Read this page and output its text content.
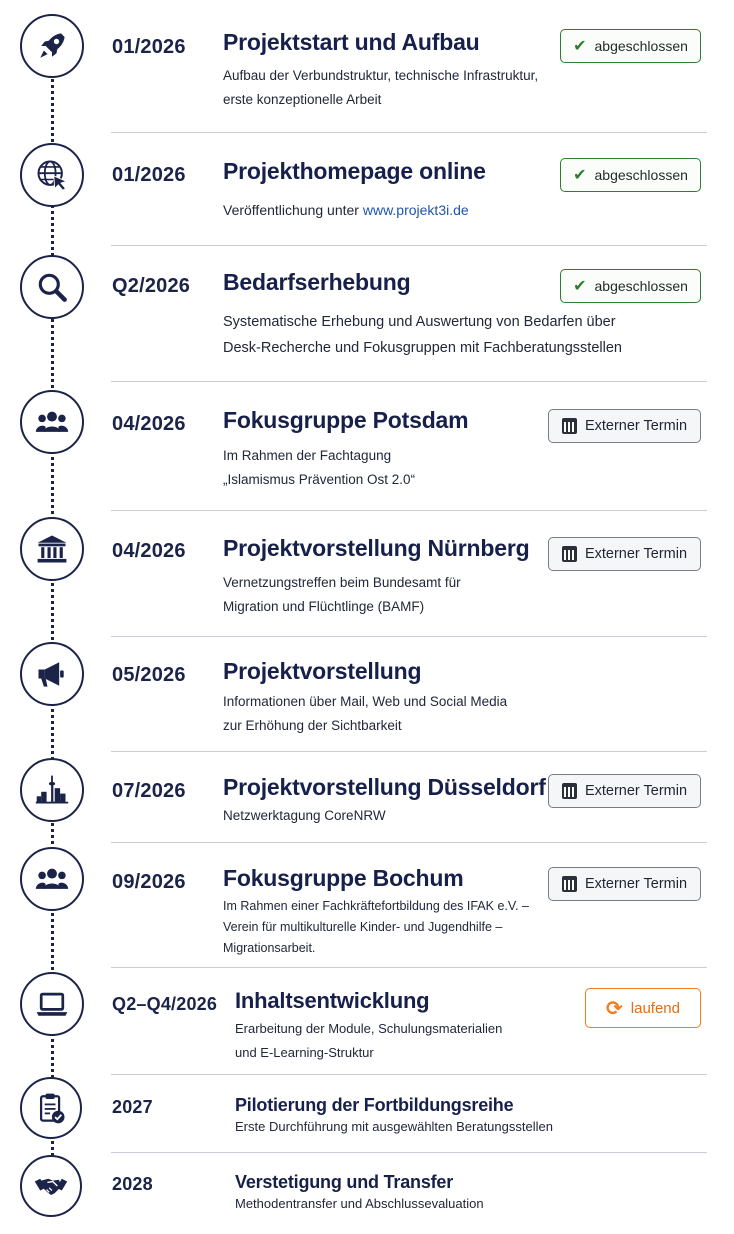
01/2026 Projektstart und Aufbau
Aufbau der Verbundstruktur, technische Infrastruktur,
erste konzeptionelle Arbeit
✔ abgeschlossen
01/2026 Projekthomepage online
Veröffentlichung unter www.projekt3i.de
✔ abgeschlossen
Q2/2026 Bedarfserhebung
Systematische Erhebung und Auswertung von Bedarfen über
Desk-Recherche und Fokusgruppen mit Fachberatungsstellen
✔ abgeschlossen
04/2026 Fokusgruppe Potsdam
Im Rahmen der Fachtagung
„Islamismus Prävention Ost 2.0“
Externer Termin
04/2026 Projektvorstellung Nürnberg
Vernetzungstreffen beim Bundesamt für
Migration und Flüchtlinge (BAMF)
Externer Termin
05/2026 Projektvorstellung
Informationen über Mail, Web und Social Media
zur Erhöhung der Sichtbarkeit
07/2026 Projektvorstellung Düsseldorf
Netzwerktagung CoreNRW
Externer Termin
09/2026 Fokusgruppe Bochum
Im Rahmen einer Fachkräftefortbildung des IFAK e.V. –
Verein für multikulturelle Kinder- und Jugendhilfe –
Migrationsarbeit.
Externer Termin
Q2–Q4/2026 Inhaltsentwicklung
Erarbeitung der Module, Schulungsmaterialien
und E-Learning-Struktur
⟳ laufend
2027	Pilotierung der Fortbildungsreihe
Erste Durchführung mit ausgewählten Beratungsstellen
2028	Verstetigung und Transfer
Methodentransfer und Abschlussevaluation
